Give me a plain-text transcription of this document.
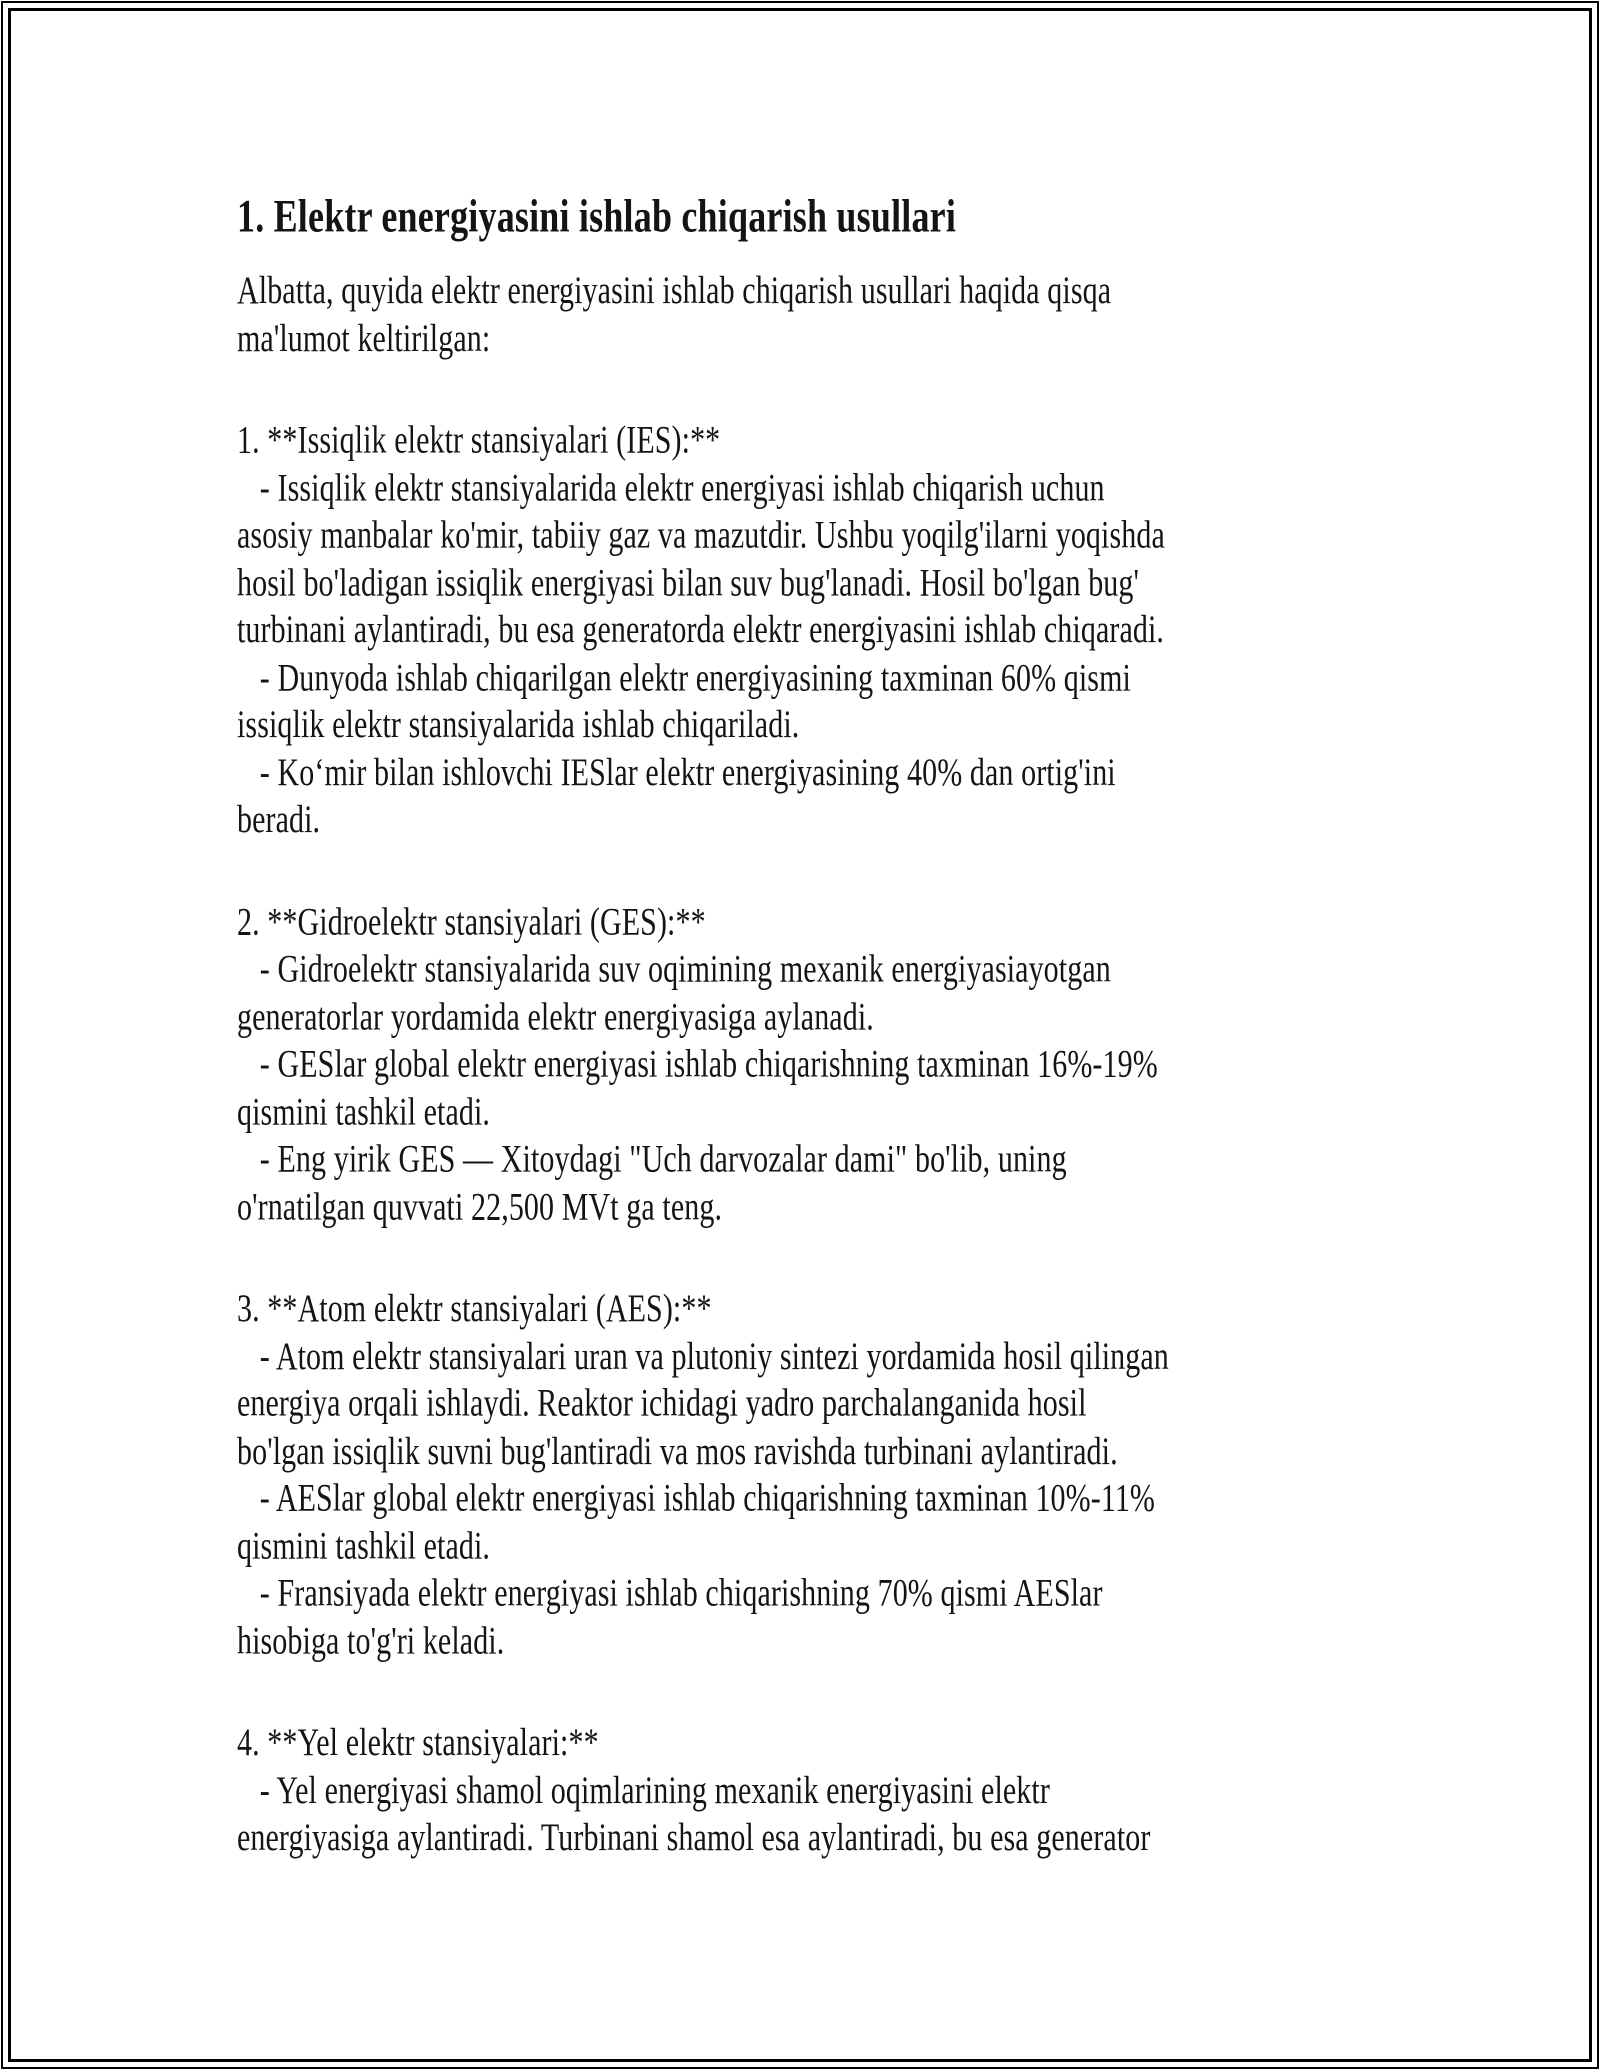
1. Elektr energiyasini ishlab chiqarish usullari
Albatta, quyida elektr energiyasini ishlab chiqarish usullari haqida qisqa
ma'lumot keltirilgan:
1. **Issiqlik elektr stansiyalari (IES):**
- Issiqlik elektr stansiyalarida elektr energiyasi ishlab chiqarish uchun
asosiy manbalar ko'mir, tabiiy gaz va mazutdir. Ushbu yoqilg'ilarni yoqishda
hosil bo'ladigan issiqlik energiyasi bilan suv bug'lanadi. Hosil bo'lgan bug'
turbinani aylantiradi, bu esa generatorda elektr energiyasini ishlab chiqaradi.
- Dunyoda ishlab chiqarilgan elektr energiyasining taxminan 60% qismi
issiqlik elektr stansiyalarida ishlab chiqariladi.
- Ko‘mir bilan ishlovchi IESlar elektr energiyasining 40% dan ortig'ini
beradi.
2. **Gidroelektr stansiyalari (GES):**
- Gidroelektr stansiyalarida suv oqimining mexanik energiyasiayotgan
generatorlar yordamida elektr energiyasiga aylanadi.
- GESlar global elektr energiyasi ishlab chiqarishning taxminan 16%-19%
qismini tashkil etadi.
- Eng yirik GES — Xitoydagi "Uch darvozalar dami" bo'lib, uning
o'rnatilgan quvvati 22,500 MVt ga teng.
3. **Atom elektr stansiyalari (AES):**
- Atom elektr stansiyalari uran va plutoniy sintezi yordamida hosil qilingan
energiya orqali ishlaydi. Reaktor ichidagi yadro parchalanganida hosil
bo'lgan issiqlik suvni bug'lantiradi va mos ravishda turbinani aylantiradi.
- AESlar global elektr energiyasi ishlab chiqarishning taxminan 10%-11%
qismini tashkil etadi.
- Fransiyada elektr energiyasi ishlab chiqarishning 70% qismi AESlar
hisobiga to'g'ri keladi.
4. **Yel elektr stansiyalari:**
- Yel energiyasi shamol oqimlarining mexanik energiyasini elektr
energiyasiga aylantiradi. Turbinani shamol esa aylantiradi, bu esa generator
